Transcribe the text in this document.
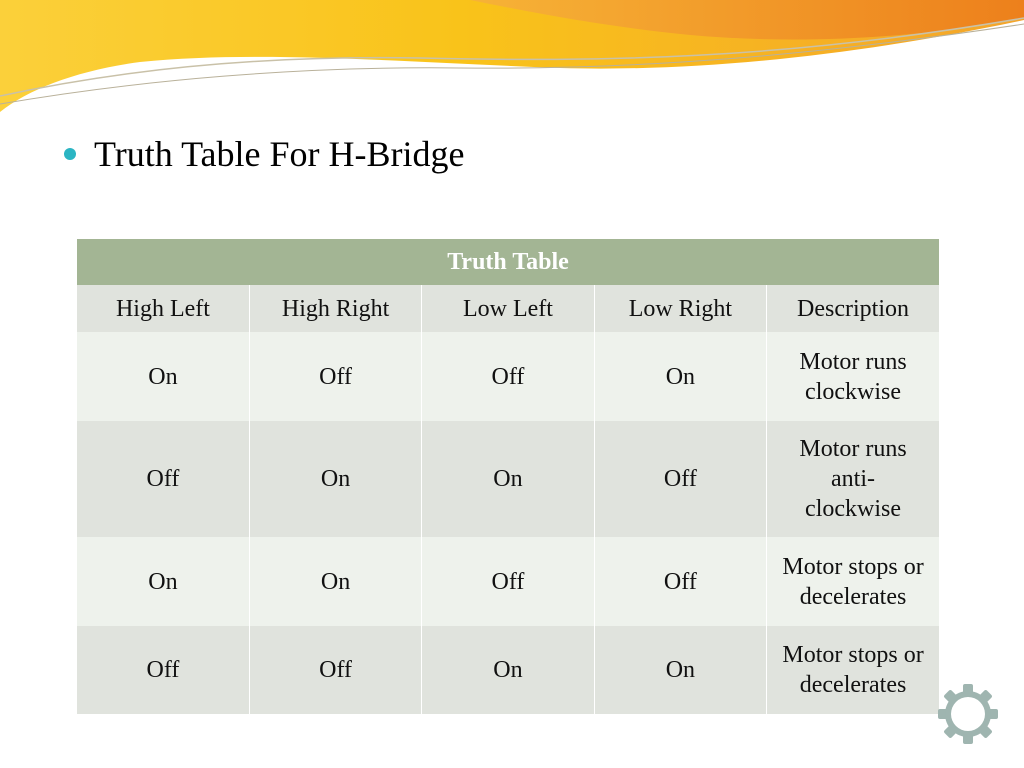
Truth Table For H-Bridge
Truth Table				
High Left	High Right	Low Left	Low Right	Description
On	Off	Off	On	Motor runs clockwise
Off	On	On	Off	Motor runs anti-clockwise
On	On	Off	Off	Motor stops or decelerates
Off	Off	On	On	Motor stops or decelerates
